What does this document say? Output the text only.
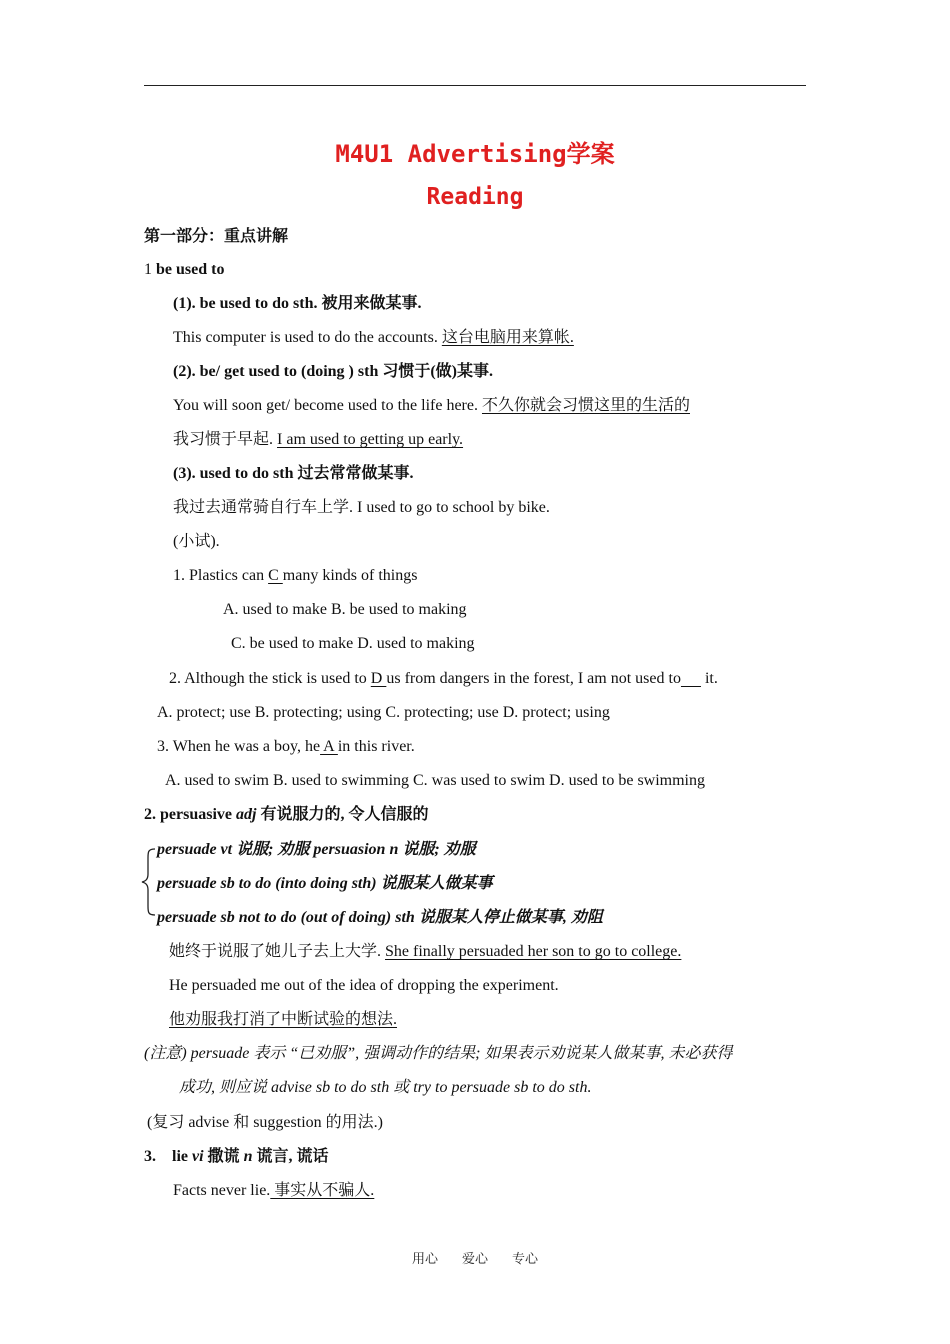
M4U1 Advertising学案
Reading
第一部分：重点讲解
1 be used to
(1). be used to do sth. 被用来做某事.
This computer is used to do the accounts. 这台电脑用来算帐.
(2). be/ get used to (doing ) sth 习惯于(做)某事.
You will soon get/ become used to the life here. 不久你就会习惯这里的生活的
我习惯于早起. I am used to getting up early.
(3). used to do sth 过去常常做某事.
我过去通常骑自行车上学. I used to go to school by bike.
(小试).
1. Plastics can C many kinds of things
A. used to make B. be used to making
C. be used to make D. used to making
2. Although the stick is used to D us from dangers in the forest, I am not used to      it.
A. protect; use B. protecting; using C. protecting; use D. protect; using
3. When he was a boy, he A in this river.
A. used to swim B. used to swimming C. was used to swim D. used to be swimming
2. persuasive adj 有说服力的, 令人信服的
persuade vt 说服; 劝服 persuasion n 说服; 劝服
persuade sb to do (into doing sth) 说服某人做某事
persuade sb not to do (out of doing) sth 说服某人停止做某事, 劝阻
她终于说服了她儿子去上大学. She finally persuaded her son to go to college.
He persuaded me out of the idea of dropping the experiment.
他劝服我打消了中断试验的想法.
(注意) persuade 表示 “已劝服”, 强调动作的结果; 如果表示劝说某人做某事, 未必获得
成功, 则应说 advise sb to do sth 或 try to persuade sb to do sth.
(复习 advise 和 suggestion 的用法.)
3.    lie vi 撒谎 n 谎言, 谎话
Facts never lie. 事实从不骗人.
用心 爱心 专心
